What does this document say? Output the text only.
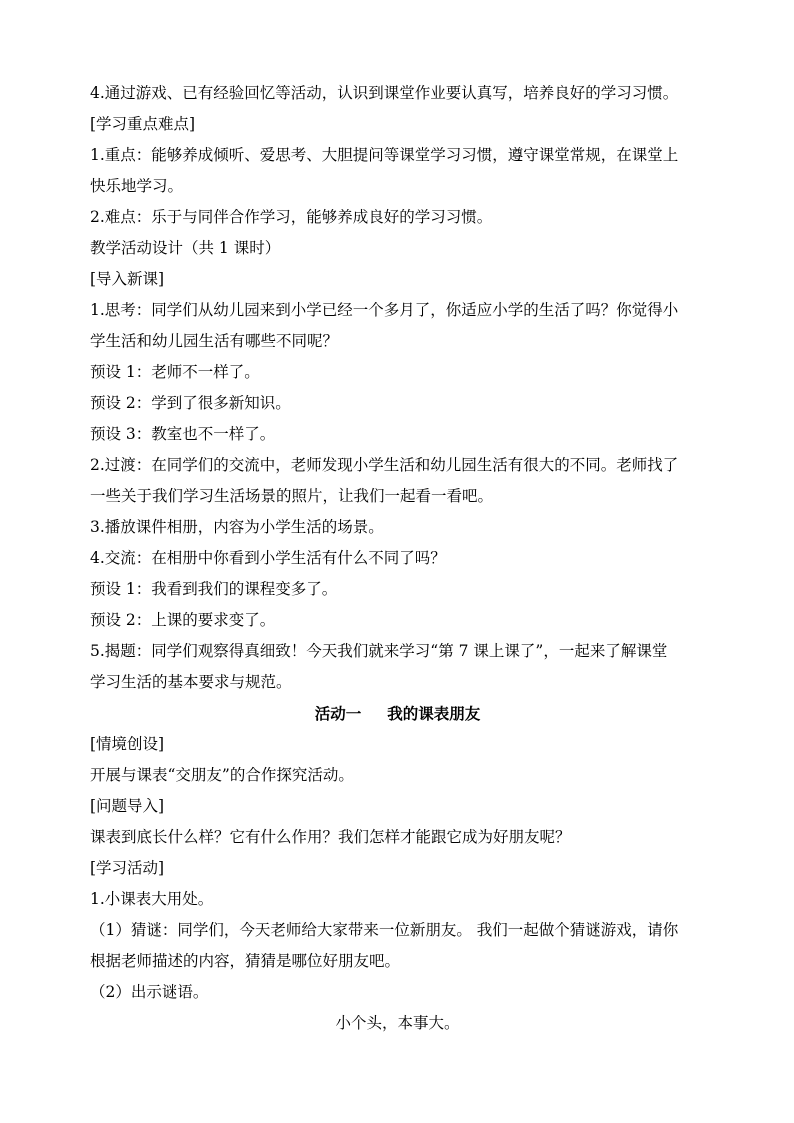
4.通过游戏、已有经验回忆等活动，认识到课堂作业要认真写，培养良好的学习习惯。

[学习重点难点]

1.重点：能够养成倾听、爱思考、大胆提问等课堂学习习惯，遵守课堂常规，在课堂上

快乐地学习。

2.难点：乐于与同伴合作学习，能够养成良好的学习习惯。

教学活动设计（共 1 课时）

[导入新课]

1.思考：同学们从幼儿园来到小学已经一个多月了，你适应小学的生活了吗？你觉得小

学生活和幼儿园生活有哪些不同呢？

预设 1：老师不一样了。

预设 2：学到了很多新知识。

预设 3：教室也不一样了。

2.过渡：在同学们的交流中，老师发现小学生活和幼儿园生活有很大的不同。老师找了

一些关于我们学习生活场景的照片，让我们一起看一看吧。

3.播放课件相册，内容为小学生活的场景。

4.交流：在相册中你看到小学生活有什么不同了吗？

预设 1：我看到我们的课程变多了。

预设 2：上课的要求变了。

5.揭题：同学们观察得真细致！今天我们就来学习“第 7 课上课了”，一起来了解课堂

学习生活的基本要求与规范。

活动一 我的课表朋友

[情境创设]

开展与课表“交朋友”的合作探究活动。

[问题导入]

课表到底长什么样？它有什么作用？我们怎样才能跟它成为好朋友呢？

[学习活动]

1.小课表大用处。

（1）猜谜：同学们，今天老师给大家带来一位新朋友。 我们一起做个猜谜游戏，请你

根据老师描述的内容，猜猜是哪位好朋友吧。

（2）出示谜语。

小个头，本事大。
